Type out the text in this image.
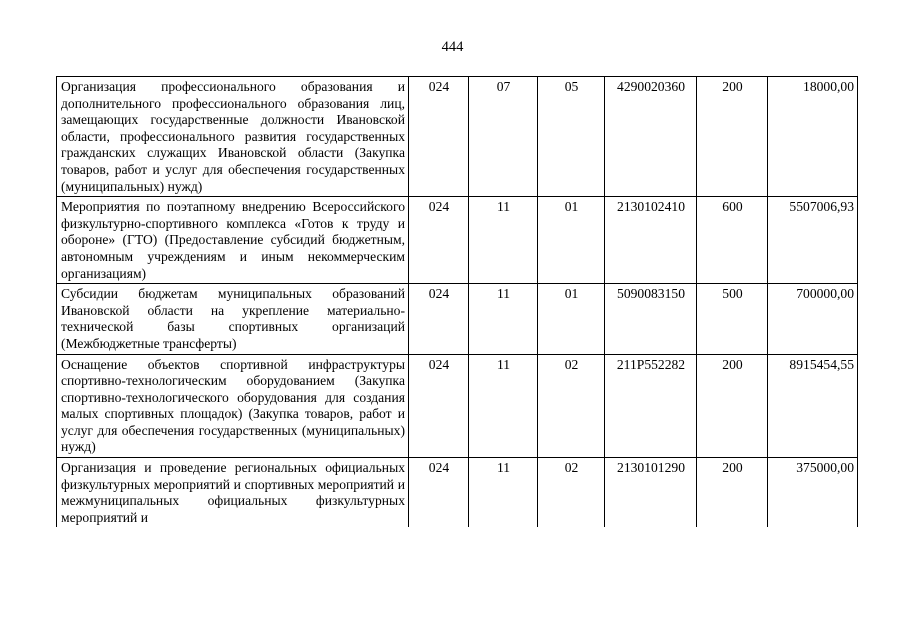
444
Организация профессионального образования и дополнительного профессионального образования лиц, замещающих государственные должности Ивановской области, профессионального развития государственных гражданских служащих Ивановской области (Закупка товаров, работ и услуг для обеспечения государственных (муниципальных) нужд)	024	07	05	4290020360	200	18000,00
Мероприятия по поэтапному внедрению Всероссийского физкультурно-спортивного комплекса «Готов к труду и обороне» (ГТО) (Предоставление субсидий бюджетным, автономным учреждениям и иным некоммерческим организациям)	024	11	01	2130102410	600	5507006,93
Субсидии бюджетам муниципальных образований Ивановской области на укрепление материально-технической базы спортивных организаций (Межбюджетные трансферты)	024	11	01	5090083150	500	700000,00
Оснащение объектов спортивной инфраструктуры спортивно-технологическим оборудованием (Закупка спортивно-технологического оборудования для создания малых спортивных площадок) (Закупка товаров, работ и услуг для обеспечения государственных (муниципальных) нужд)	024	11	02	211P552282	200	8915454,55
Организация и проведение региональных официальных физкультурных мероприятий и спортивных мероприятий и межмуниципальных официальных физкультурных мероприятий и	024	11	02	2130101290	200	375000,00
